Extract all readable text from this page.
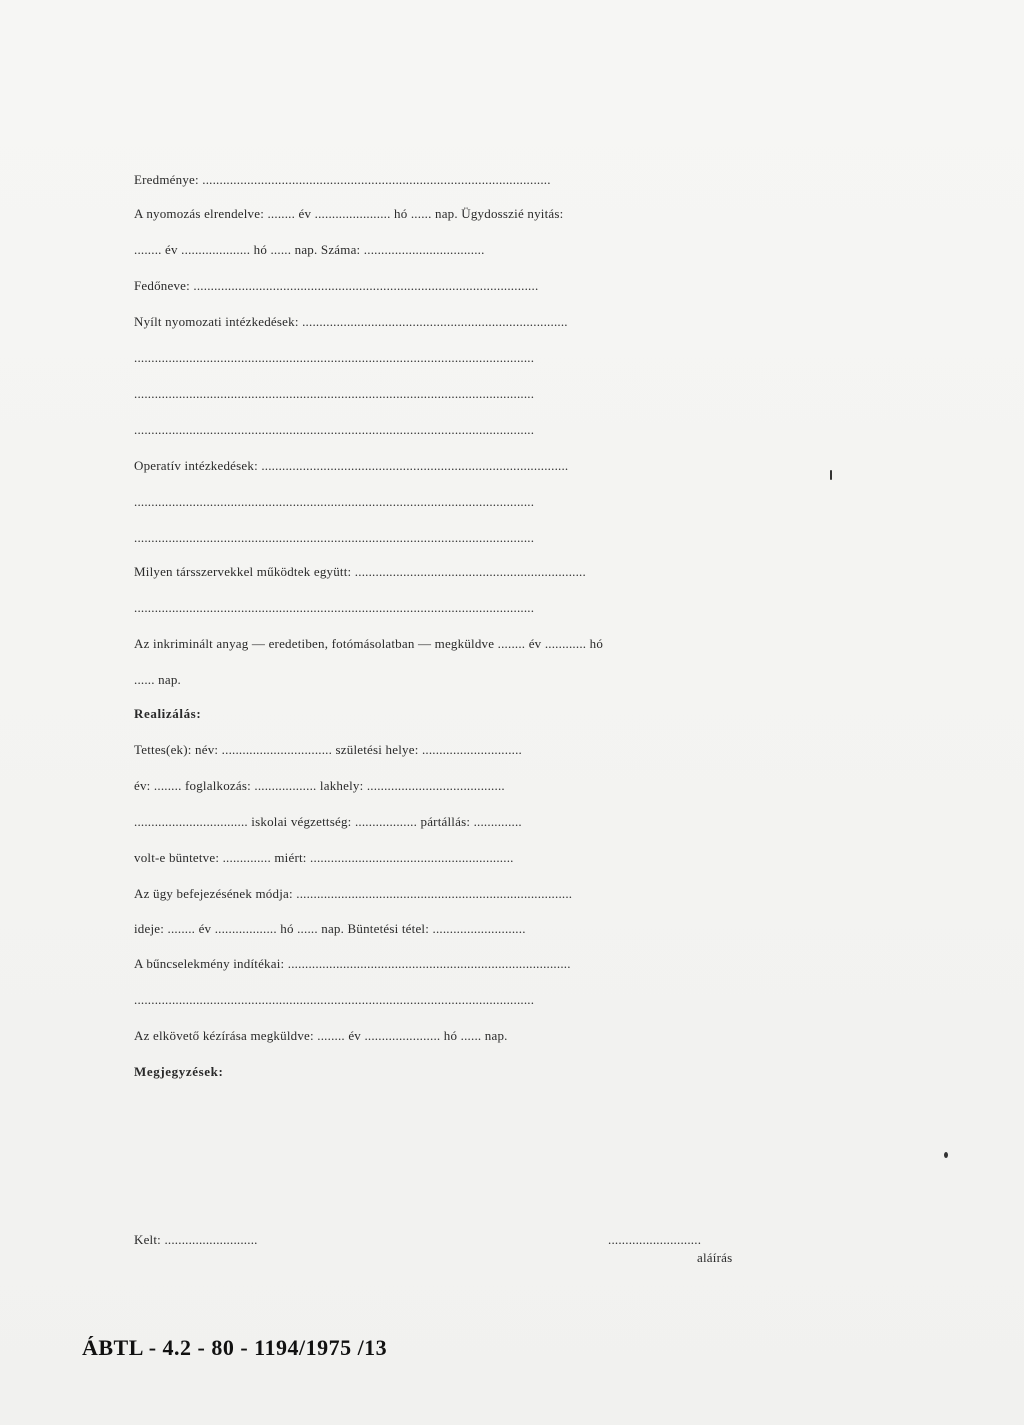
Eredménye: .....................................................................................................
A nyomozás elrendelve: ........ év ...................... hó ...... nap. Ügydosszié nyitás:
........ év .................... hó ...... nap. Száma: ...................................
Fedőneve: ....................................................................................................
Nyílt nyomozati intézkedések: .............................................................................
....................................................................................................................
....................................................................................................................
....................................................................................................................
Operatív intézkedések: .........................................................................................
....................................................................................................................
....................................................................................................................
Milyen társszervekkel működtek együtt: ...................................................................
....................................................................................................................
Az inkriminált anyag — eredetiben, fotómásolatban — megküldve ........ év ............ hó
...... nap.
Realizálás:
Tettes(ek): név: ................................ születési helye: .............................
év: ........ foglalkozás: .................. lakhely: ........................................
................................. iskolai végzettség: .................. pártállás: ..............
volt-e büntetve: .............. miért: ...........................................................
Az ügy befejezésének módja: ................................................................................
ideje: ........ év .................. hó ...... nap. Büntetési tétel: ...........................
A bűncselekmény indítékai: ..................................................................................
....................................................................................................................
Az elkövető kézírása megküldve: ........ év ...................... hó ...... nap.
Megjegyzések:
Kelt: ...........................	...........................
aláírás
ÁBTL - 4.2 - 80 - 1194/1975 /13
